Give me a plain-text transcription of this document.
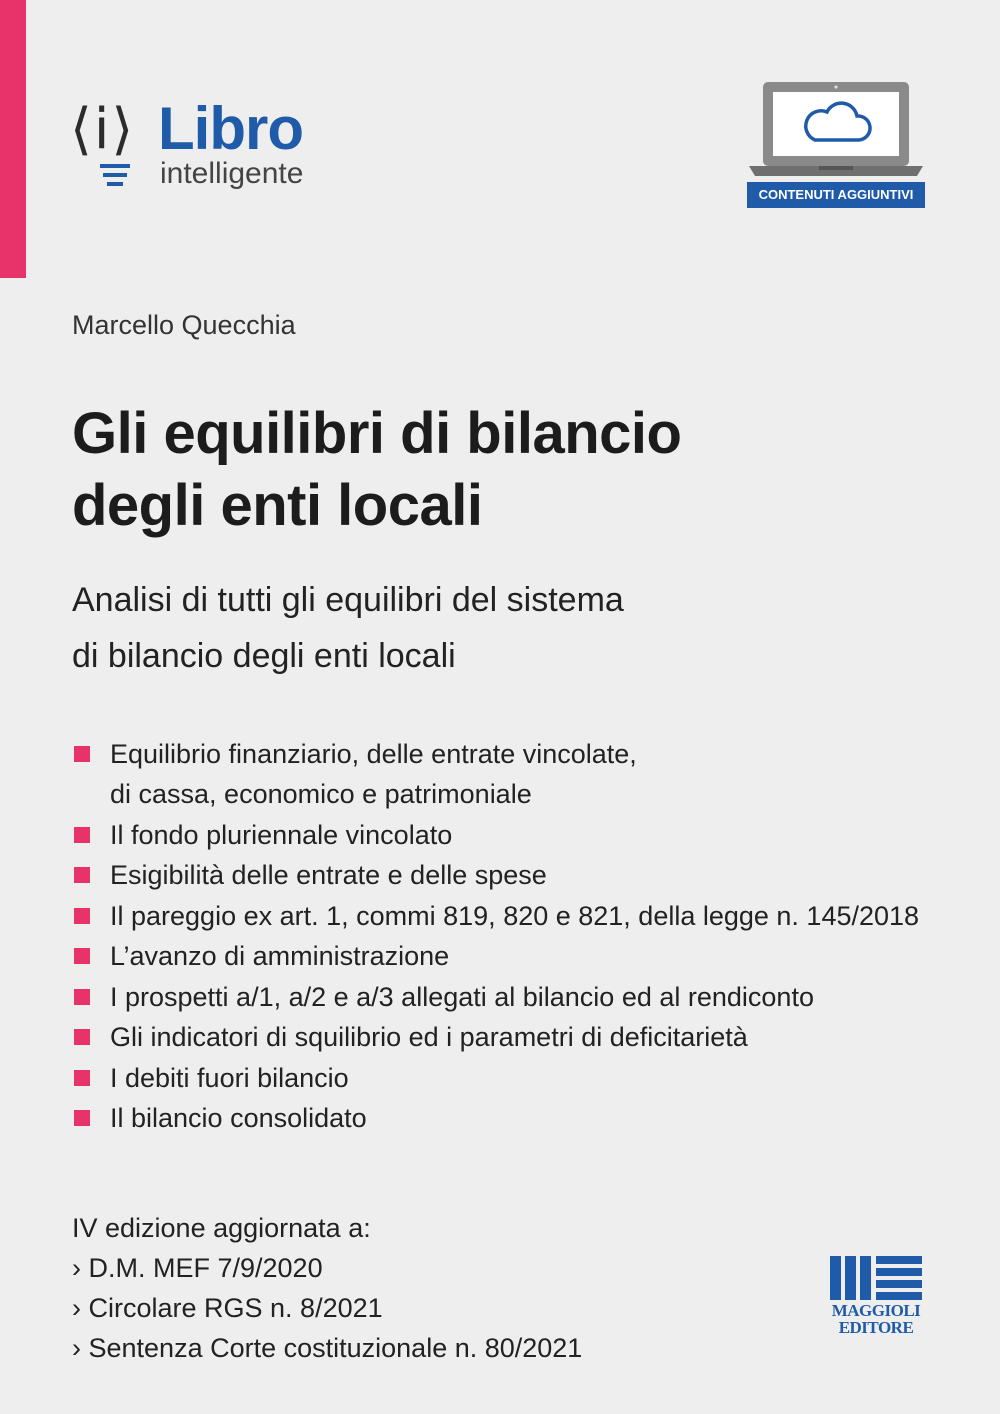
⟨i⟩ Libro
intelligente
CONTENUTI AGGIUNTIVI
Marcello Quecchia
Gli equilibri di bilancio
degli enti locali
Analisi di tutti gli equilibri del sistema
di bilancio degli enti locali
Equilibrio finanziario, delle entrate vincolate,
di cassa, economico e patrimoniale
Il fondo pluriennale vincolato
Esigibilità delle entrate e delle spese
Il pareggio ex art. 1, commi 819, 820 e 821, della legge n. 145/2018
L’avanzo di amministrazione
I prospetti a/1, a/2 e a/3 allegati al bilancio ed al rendiconto
Gli indicatori di squilibrio ed i parametri di deficitarietà
I debiti fuori bilancio
Il bilancio consolidato
IV edizione aggiornata a:
› D.M. MEF 7/9/2020
› Circolare RGS n. 8/2021
› Sentenza Corte costituzionale n. 80/2021
MAGGIOLI
EDITORE
